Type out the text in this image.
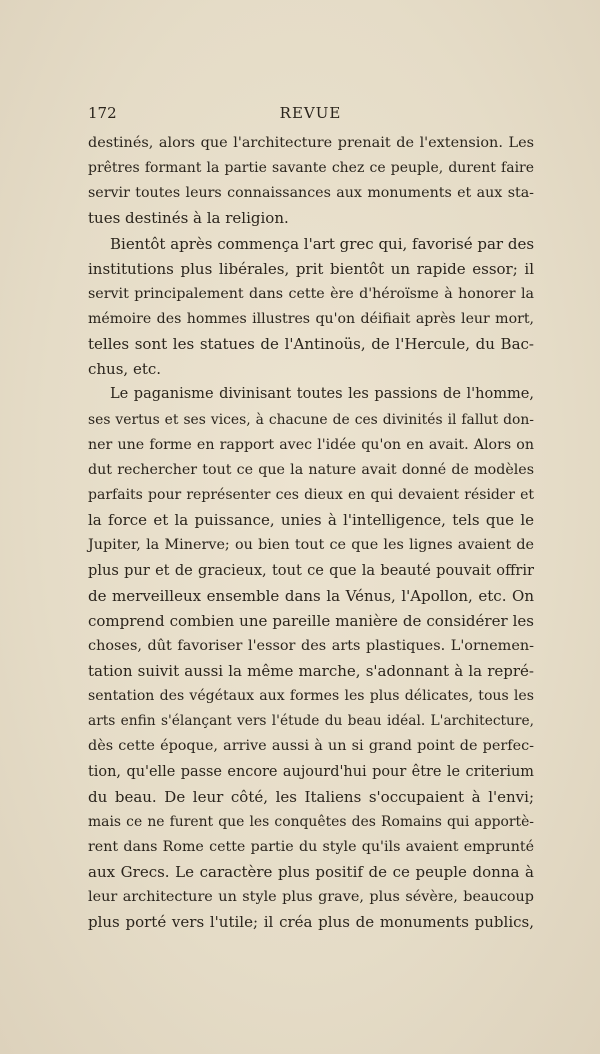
172	REVUE

destinés, alors que l'architecture prenait de l'extension. Les
prêtres formant la partie savante chez ce peuple, durent faire
servir toutes leurs connaissances aux monuments et aux sta-
tues destinés à la religion.

Bientôt après commença l'art grec qui, favorisé par des
institutions plus libérales, prit bientôt un rapide essor; il
servit principalement dans cette ère d'héroïsme à honorer la
mémoire des hommes illustres qu'on déifiait après leur mort,
telles sont les statues de l'Antinoüs, de l'Hercule, du Bac-
chus, etc.

Le paganisme divinisant toutes les passions de l'homme,
ses vertus et ses vices, à chacune de ces divinités il fallut don-
ner une forme en rapport avec l'idée qu'on en avait. Alors on
dut rechercher tout ce que la nature avait donné de modèles
parfaits pour représenter ces dieux en qui devaient résider et
la force et la puissance, unies à l'intelligence, tels que le
Jupiter, la Minerve; ou bien tout ce que les lignes avaient de
plus pur et de gracieux, tout ce que la beauté pouvait offrir
de merveilleux ensemble dans la Vénus, l'Apollon, etc. On
comprend combien une pareille manière de considérer les
choses, dût favoriser l'essor des arts plastiques. L'ornemen-
tation suivit aussi la même marche, s'adonnant à la repré-
sentation des végétaux aux formes les plus délicates, tous les
arts enfin s'élançant vers l'étude du beau idéal. L'architecture,
dès cette époque, arrive aussi à un si grand point de perfec-
tion, qu'elle passe encore aujourd'hui pour être le criterium
du beau. De leur côté, les Italiens s'occupaient à l'envi;
mais ce ne furent que les conquêtes des Romains qui apportè-
rent dans Rome cette partie du style qu'ils avaient emprunté
aux Grecs. Le caractère plus positif de ce peuple donna à
leur architecture un style plus grave, plus sévère, beaucoup
plus porté vers l'utile; il créa plus de monuments publics,
